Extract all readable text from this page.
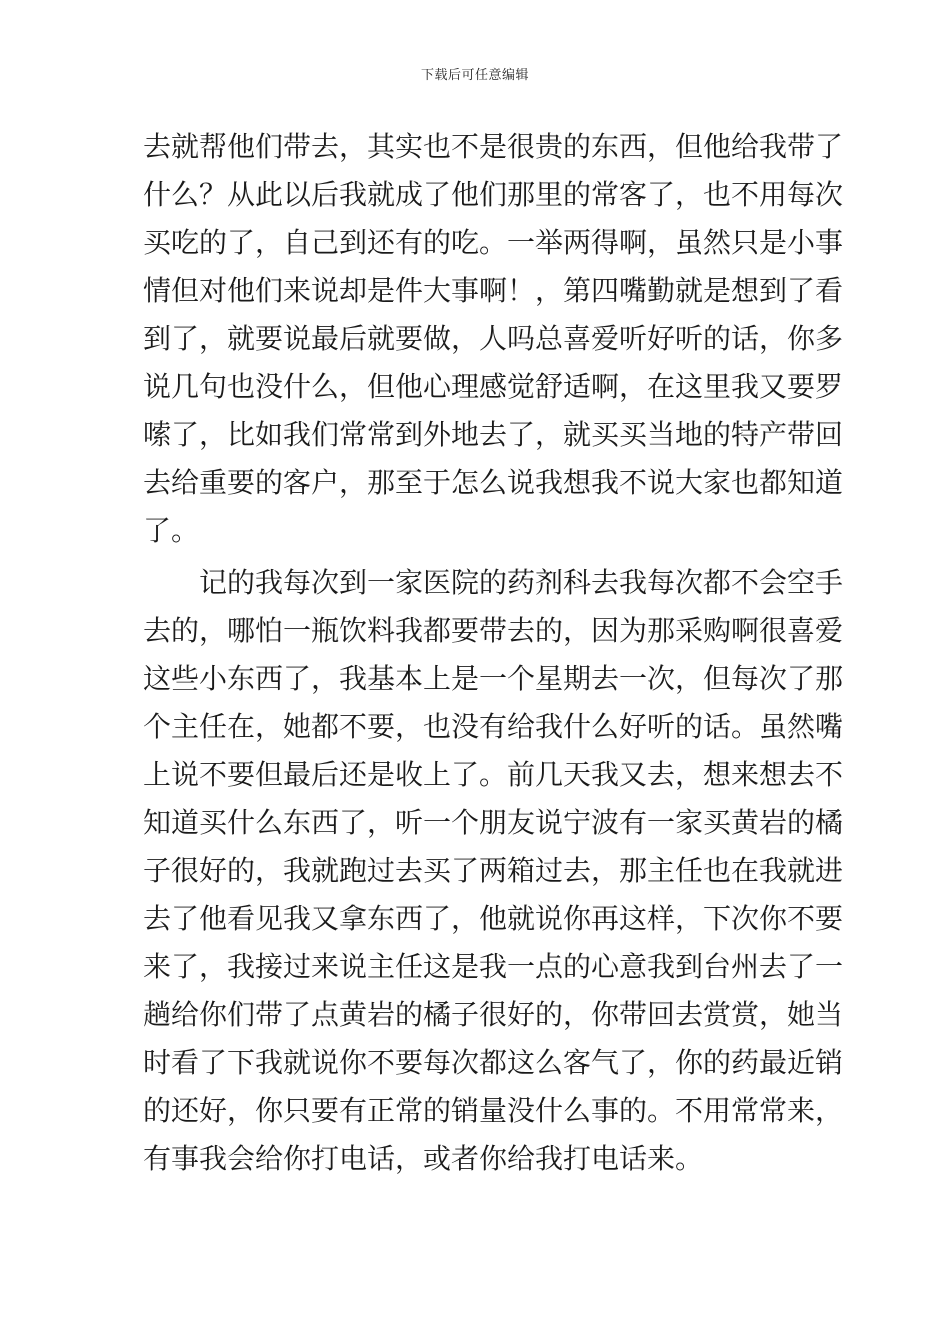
下载后可任意编辑
去就帮他们带去，其实也不是很贵的东西，但他给我带了
什么？从此以后我就成了他们那里的常客了，也不用每次
买吃的了，自己到还有的吃。一举两得啊，虽然只是小事
情但对他们来说却是件大事啊！，第四嘴勤就是想到了看
到了，就要说最后就要做，人吗总喜爱听好听的话，你多
说几句也没什么，但他心理感觉舒适啊，在这里我又要罗
嗦了，比如我们常常到外地去了，就买买当地的特产带回
去给重要的客户，那至于怎么说我想我不说大家也都知道
了。
　　记的我每次到一家医院的药剂科去我每次都不会空手
去的，哪怕一瓶饮料我都要带去的，因为那采购啊很喜爱
这些小东西了，我基本上是一个星期去一次，但每次了那
个主任在，她都不要，也没有给我什么好听的话。虽然嘴
上说不要但最后还是收上了。前几天我又去，想来想去不
知道买什么东西了，听一个朋友说宁波有一家买黄岩的橘
子很好的，我就跑过去买了两箱过去，那主任也在我就进
去了他看见我又拿东西了，他就说你再这样，下次你不要
来了，我接过来说主任这是我一点的心意我到台州去了一
趟给你们带了点黄岩的橘子很好的，你带回去赏赏，她当
时看了下我就说你不要每次都这么客气了，你的药最近销
的还好，你只要有正常的销量没什么事的。不用常常来，
有事我会给你打电话，或者你给我打电话来。
